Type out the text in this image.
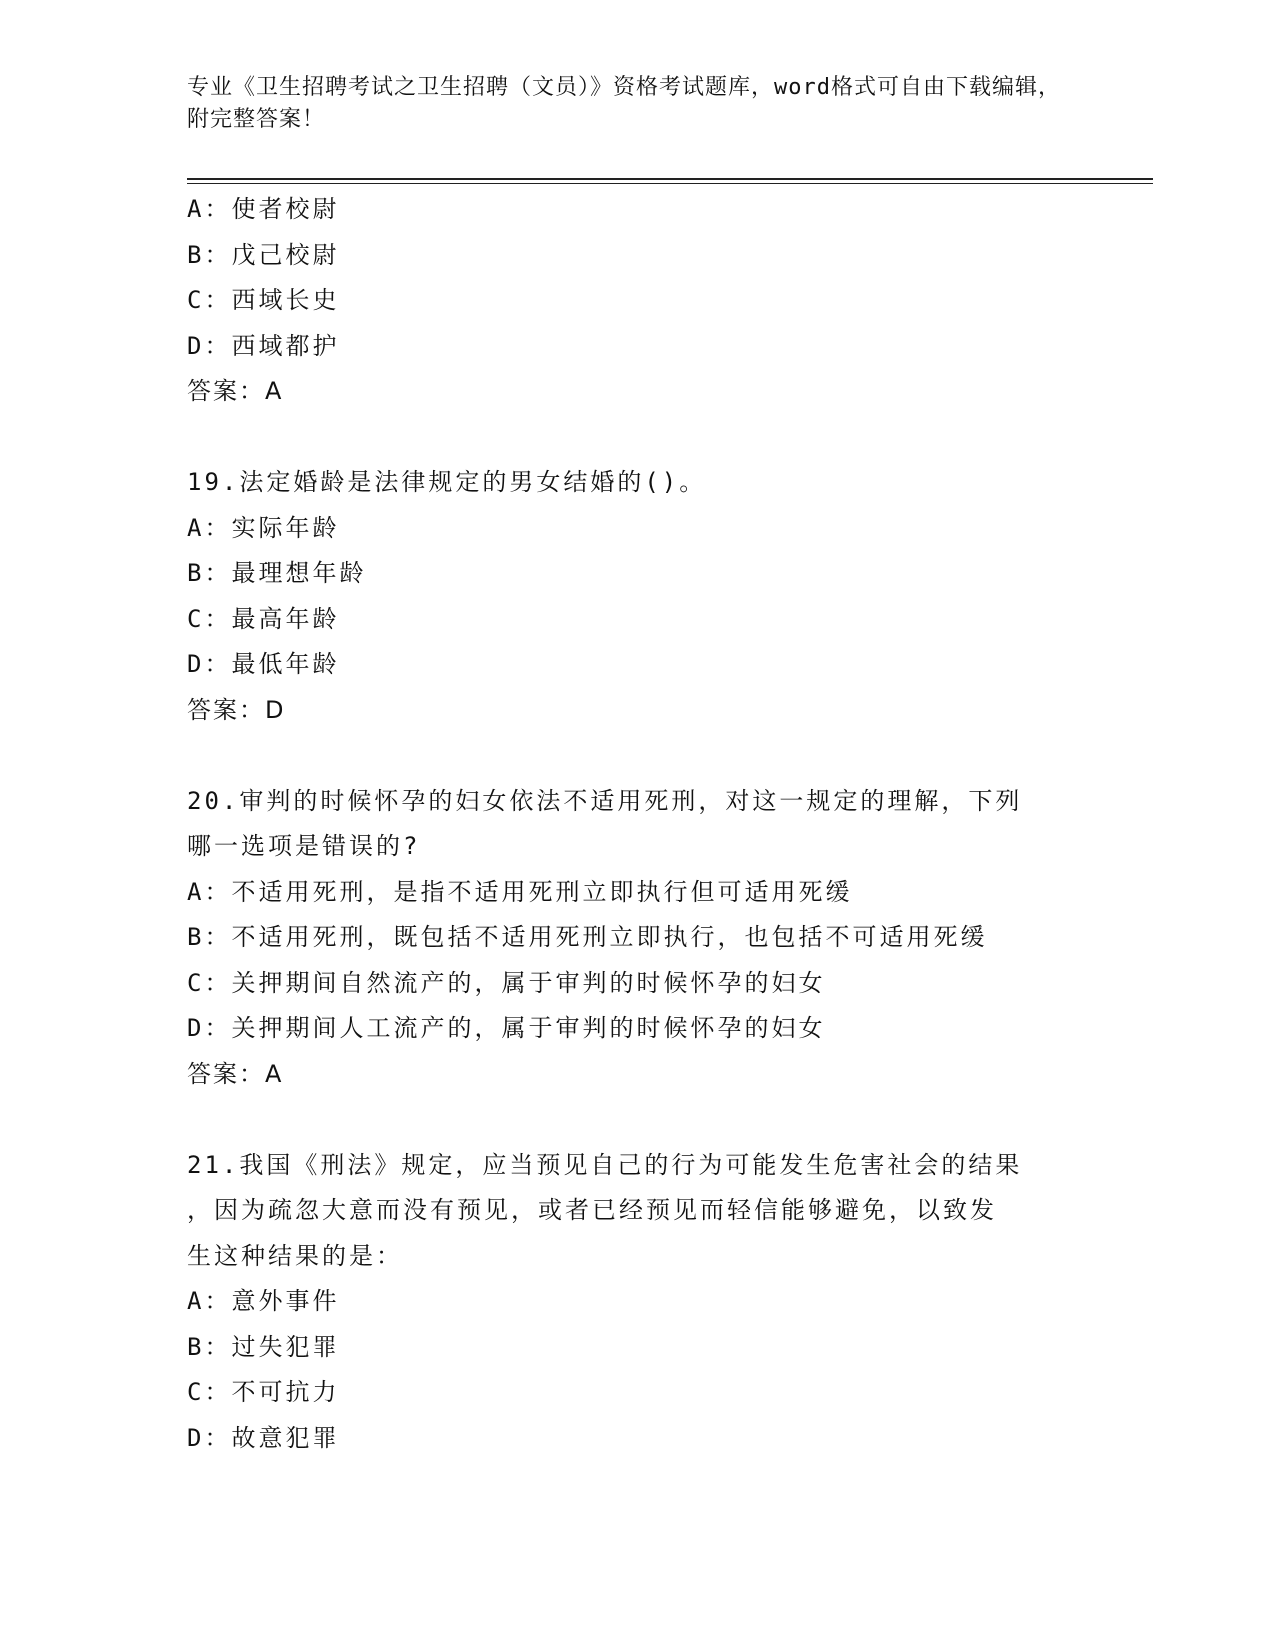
专业《卫生招聘考试之卫生招聘（文员）》资格考试题库，word格式可自由下载编辑，附完整答案！
A：使者校尉
B：戊己校尉
C：西域长史
D：西域都护
答案：A
19.法定婚龄是法律规定的男女结婚的()。
A：实际年龄
B：最理想年龄
C：最高年龄
D：最低年龄
答案：D
20.审判的时候怀孕的妇女依法不适用死刑，对这一规定的理解，下列
哪一选项是错误的?
A：不适用死刑，是指不适用死刑立即执行但可适用死缓
B：不适用死刑，既包括不适用死刑立即执行，也包括不可适用死缓
C：关押期间自然流产的，属于审判的时候怀孕的妇女
D：关押期间人工流产的，属于审判的时候怀孕的妇女
答案：A
21.我国《刑法》规定，应当预见自己的行为可能发生危害社会的结果
，因为疏忽大意而没有预见，或者已经预见而轻信能够避免，以致发
生这种结果的是：
A：意外事件
B：过失犯罪
C：不可抗力
D：故意犯罪
